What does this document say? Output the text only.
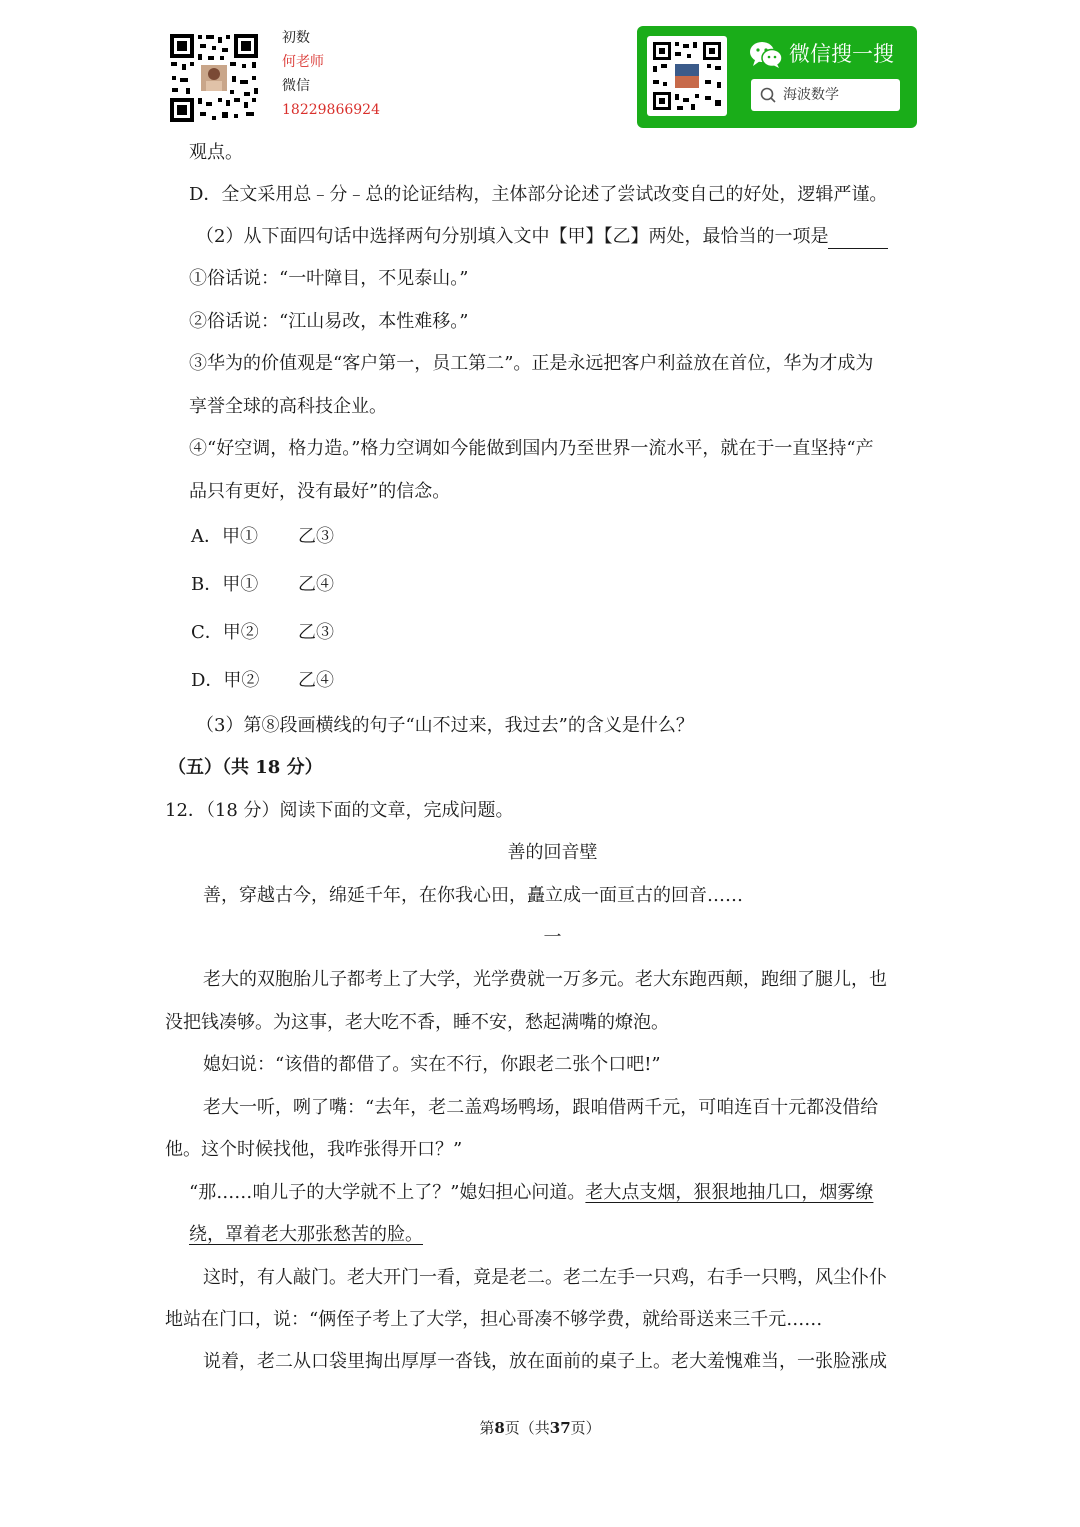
初数
何老师
微信
18229866924
微信搜一搜
海波数学
观点。
D．全文采用总﹣分﹣总的论证结构，主体部分论述了尝试改变自己的好处，逻辑严谨。
（2）从下面四句话中选择两句分别填入文中【甲】【乙】两处，最恰当的一项是
①俗话说：“一叶障目，不见泰山。”
②俗话说：“江山易改，本性难移。”
③华为的价值观是“客户第一，员工第二”。正是永远把客户利益放在首位，华为才成为
享誉全球的高科技企业。
④“好空调，格力造。”格力空调如今能做到国内乃至世界一流水平，就在于一直坚持“产
品只有更好，没有最好”的信念。
A．甲① 乙③
B．甲① 乙④
C．甲② 乙③
D．甲② 乙④
（3）第⑧段画横线的句子“山不过来，我过去”的含义是什么？
（五）（共 18 分）
12．（18 分）阅读下面的文章，完成问题。
善的回音壁
善，穿越古今，绵延千年，在你我心田，矗立成一面亘古的回音……
一
老大的双胞胎儿子都考上了大学，光学费就一万多元。老大东跑西颠，跑细了腿儿，也
没把钱凑够。为这事，老大吃不香，睡不安，愁起满嘴的燎泡。
媳妇说：“该借的都借了。实在不行，你跟老二张个口吧!”
老大一听，咧了嘴：“去年，老二盖鸡场鸭场，跟咱借两千元，可咱连百十元都没借给
他。这个时候找他，我咋张得开口？”
“那……咱儿子的大学就不上了？”媳妇担心问道。老大点支烟，狠狠地抽几口，烟雾缭
绕，罩着老大那张愁苦的脸。
这时，有人敲门。老大开门一看，竟是老二。老二左手一只鸡，右手一只鸭，风尘仆仆
地站在门口，说：“俩侄子考上了大学，担心哥凑不够学费，就给哥送来三千元……
说着，老二从口袋里掏出厚厚一沓钱，放在面前的桌子上。老大羞愧难当，一张脸涨成
第8页（共37页）
